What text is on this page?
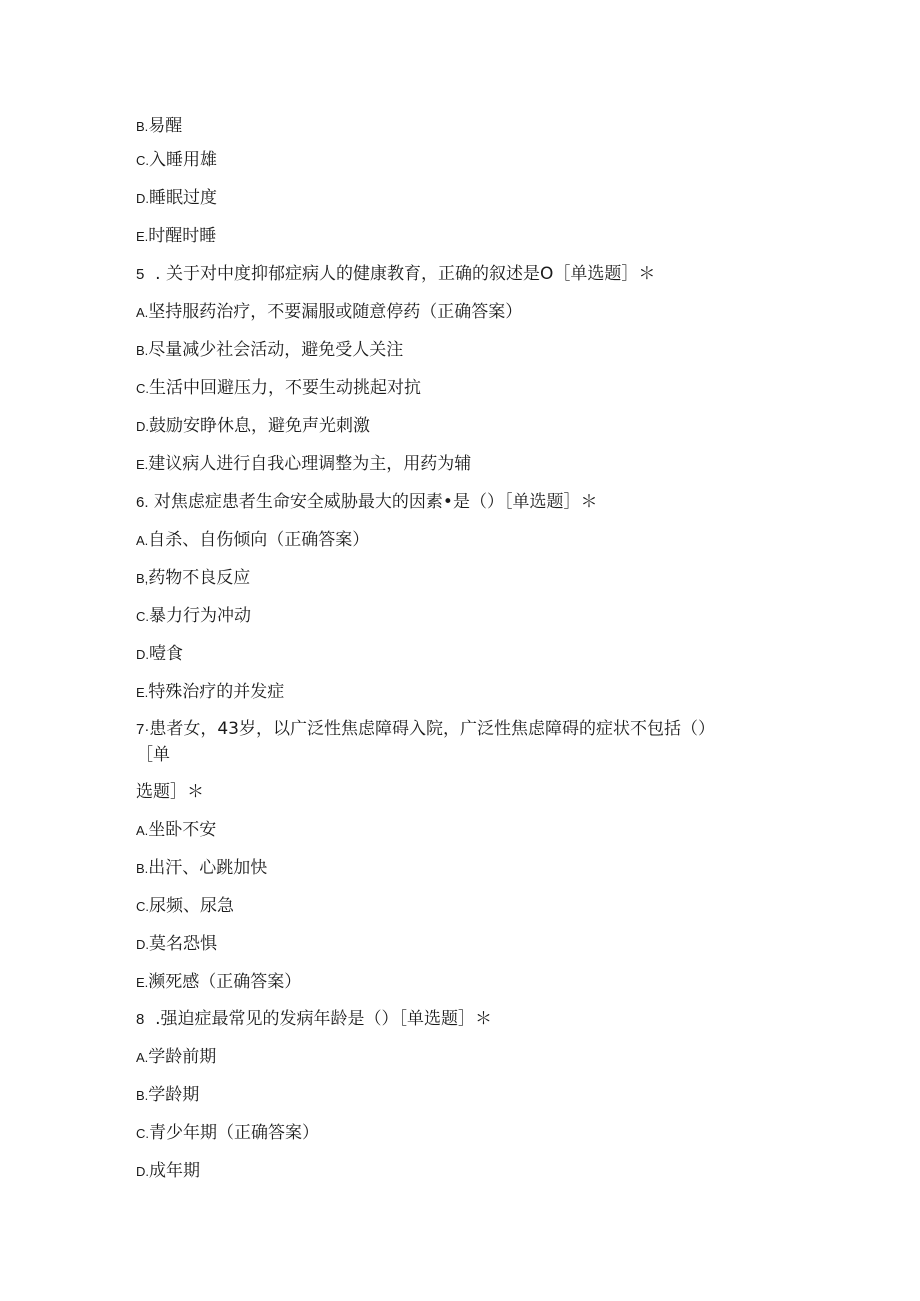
B.易醒
C.入睡用雄
D.睡眠过度
E.时醒时睡
5  . 关于对中度抑郁症病人的健康教育，正确的叙述是O［单选题］＊
A.坚持服药治疗，不要漏服或随意停药（正确答案）
B.尽量减少社会活动，避免受人关注
C.生活中回避压力，不要生动挑起对抗
D.鼓励安睁休息，避免声光刺激
E.建议病人进行自我心理调整为主，用药为辅
6. 对焦虑症患者生命安全威胁最大的因素•是（）［单选题］＊
A.自杀、自伤倾向（正确答案）
B,药物不良反应
C.暴力行为冲动
D.噎食
E.特殊治疗的并发症
7·患者女，43岁，以广泛性焦虑障碍入院，广泛性焦虑障碍的症状不包括（）
［单
选题］＊
A.坐卧不安
B.出汗、心跳加快
C.尿频、尿急
D.莫名恐惧
E.濒死感（正确答案）
8  .强迫症最常见的发病年龄是（）［单选题］＊
A.学龄前期
B.学龄期
C.青少年期（正确答案）
D.成年期
